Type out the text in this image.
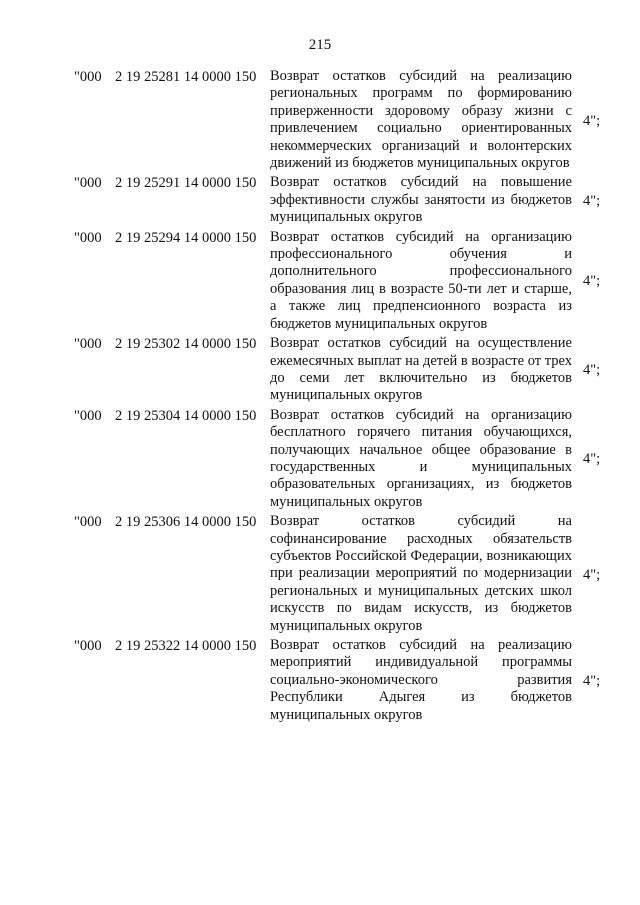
215
"000 2 19 25281 14 0000 150 Возврат остатков субсидий на реализацию региональных программ по формированию приверженности здоровому образу жизни с привлечением социально ориентированных некоммерческих организаций и волонтерских движений из бюджетов муниципальных округов
4";
"000 2 19 25291 14 0000 150 Возврат остатков субсидий на повышение эффективности службы занятости из бюджетов муниципальных округов
4";
"000 2 19 25294 14 0000 150 Возврат остатков субсидий на организацию профессионального обучения и дополнительного профессионального образования лиц в возрасте 50-ти лет и старше, а также лиц предпенсионного возраста из бюджетов муниципальных округов
4";
"000 2 19 25302 14 0000 150 Возврат остатков субсидий на осуществление ежемесячных выплат на детей в возрасте от трех до семи лет включительно из бюджетов муниципальных округов
4";
"000 2 19 25304 14 0000 150 Возврат остатков субсидий на организацию бесплатного горячего питания обучающихся, получающих начальное общее образование в государственных и муниципальных образовательных организациях, из бюджетов муниципальных округов
4";
"000 2 19 25306 14 0000 150 Возврат остатков субсидий на софинансирование расходных обязательств субъектов Российской Федерации, возникающих при реализации мероприятий по модернизации региональных и муниципальных детских школ искусств по видам искусств, из бюджетов муниципальных округов
4";
"000 2 19 25322 14 0000 150 Возврат остатков субсидий на реализацию мероприятий индивидуальной программы социально-экономического развития Республики Адыгея из бюджетов муниципальных округов
4";
